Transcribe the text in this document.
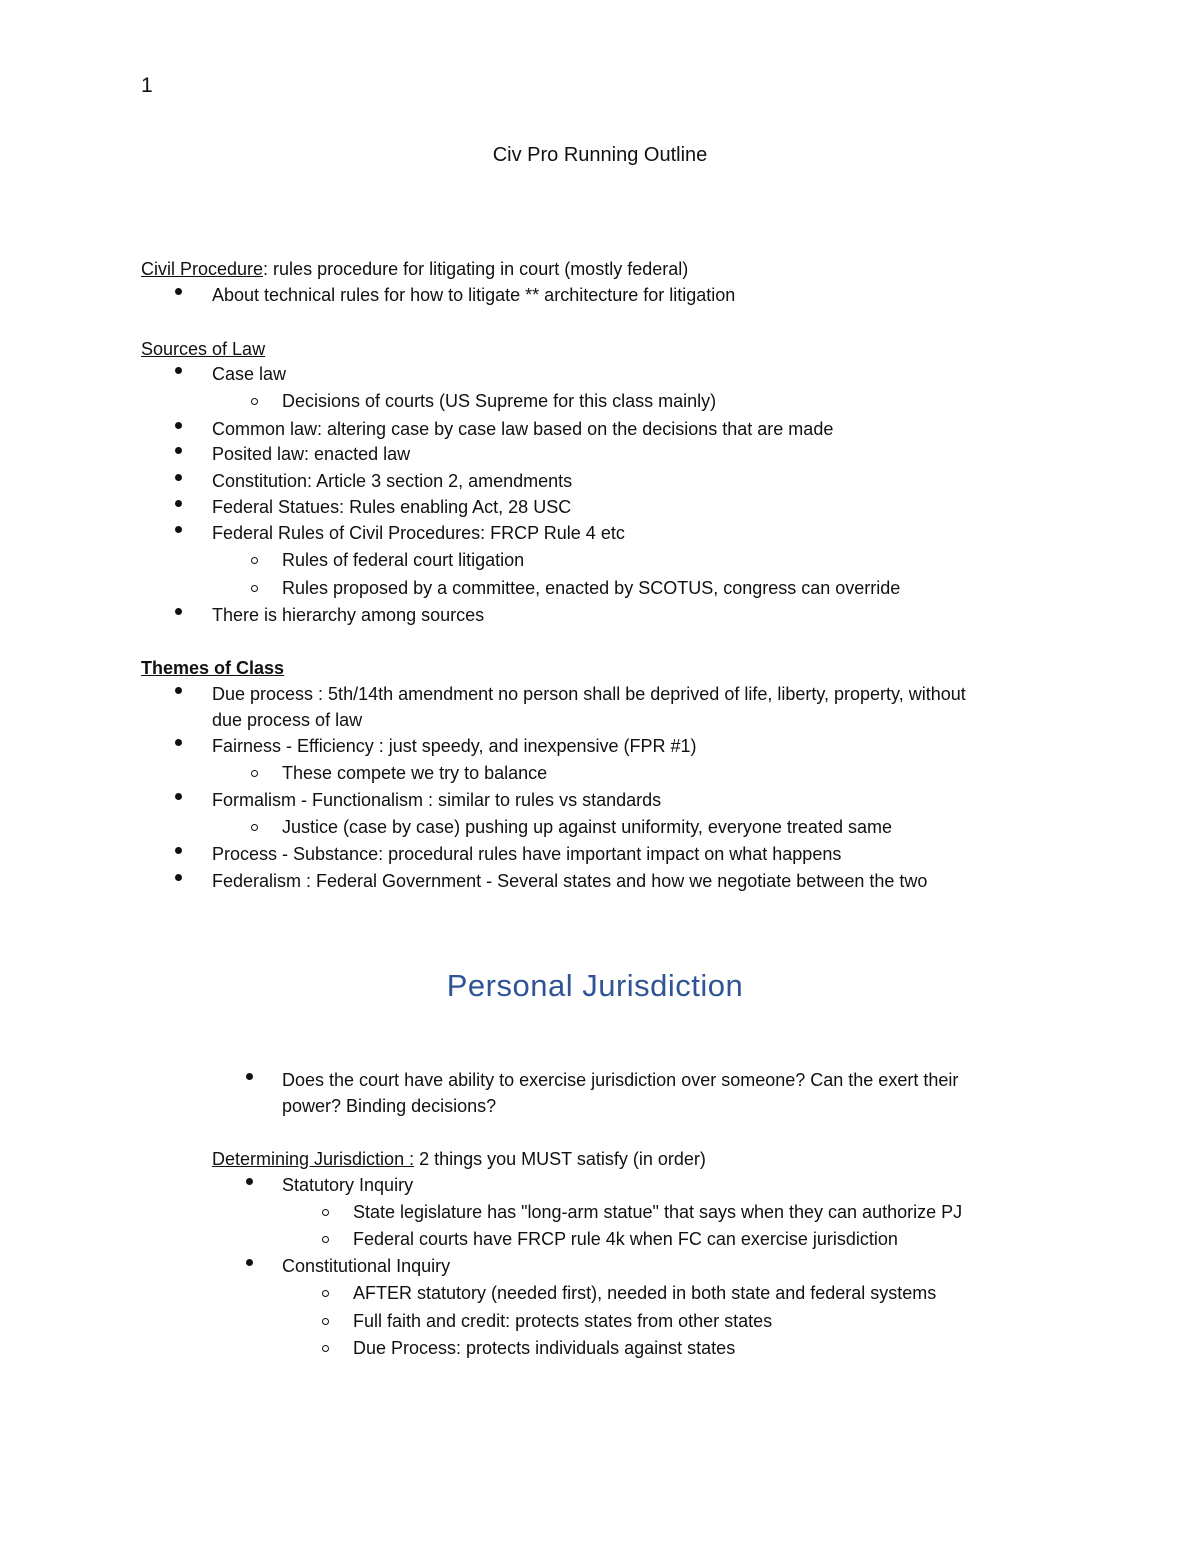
1
Civ Pro Running Outline
Civil Procedure: rules procedure for litigating in court (mostly federal)
About technical rules for how to litigate ** architecture for litigation
Sources of Law
Case law
Decisions of courts (US Supreme for this class mainly)
Common law: altering case by case law based on the decisions that are made
Posited law: enacted law
Constitution: Article 3 section 2, amendments
Federal Statues: Rules enabling Act, 28 USC
Federal Rules of Civil Procedures: FRCP Rule 4 etc
Rules of federal court litigation
Rules proposed by a committee, enacted by SCOTUS, congress can override
There is hierarchy among sources
Themes of Class
Due process : 5th/14th amendment no person shall be deprived of life, liberty, property, without
due process of law
Fairness - Efficiency : just speedy, and inexpensive (FPR #1)
These compete we try to balance
Formalism - Functionalism : similar to rules vs standards
Justice (case by case) pushing up against uniformity, everyone treated same
Process - Substance: procedural rules have important impact on what happens
Federalism : Federal Government - Several states and how we negotiate between the two
Personal Jurisdiction
Does the court have ability to exercise jurisdiction over someone? Can the exert their
power? Binding decisions?
Determining Jurisdiction : 2 things you MUST satisfy (in order)
Statutory Inquiry
State legislature has "long-arm statue" that says when they can authorize PJ
Federal courts have FRCP rule 4k when FC can exercise jurisdiction
Constitutional Inquiry
AFTER statutory (needed first), needed in both state and federal systems
Full faith and credit: protects states from other states
Due Process: protects individuals against states
